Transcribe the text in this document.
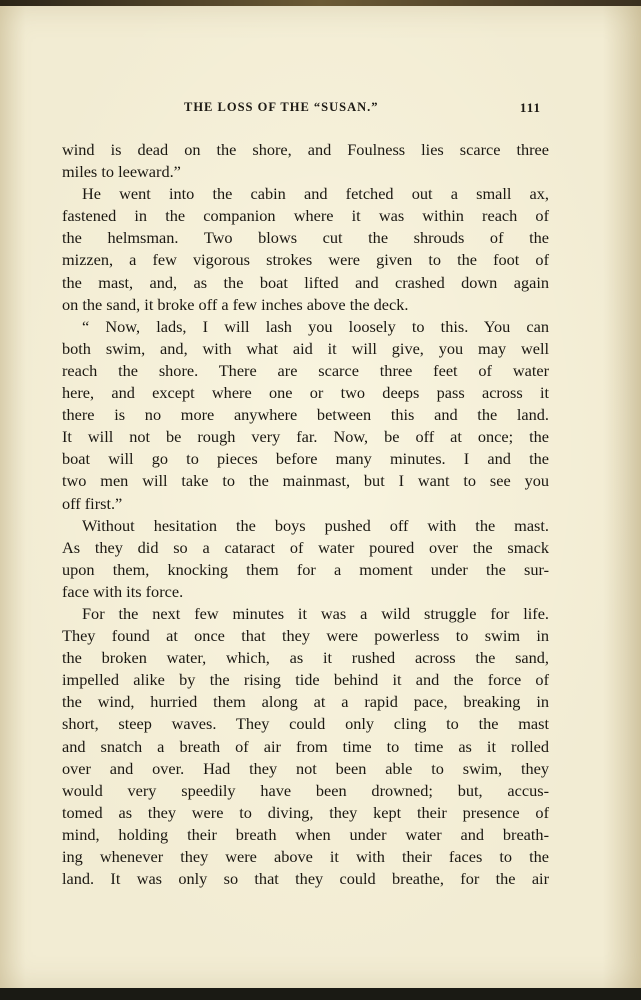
THE LOSS OF THE “SUSAN.”	111
wind is dead on the shore, and Foulness lies scarce three
miles to leeward.”
He went into the cabin and fetched out a small ax,
fastened in the companion where it was within reach of
the helmsman. Two blows cut the shrouds of the
mizzen, a few vigorous strokes were given to the foot of
the mast, and, as the boat lifted and crashed down again
on the sand, it broke off a few inches above the deck.
“ Now, lads, I will lash you loosely to this. You can
both swim, and, with what aid it will give, you may well
reach the shore. There are scarce three feet of water
here, and except where one or two deeps pass across it
there is no more anywhere between this and the land.
It will not be rough very far. Now, be off at once; the
boat will go to pieces before many minutes. I and the
two men will take to the mainmast, but I want to see you
off first.”
Without hesitation the boys pushed off with the mast.
As they did so a cataract of water poured over the smack
upon them, knocking them for a moment under the sur-
face with its force.
For the next few minutes it was a wild struggle for life.
They found at once that they were powerless to swim in
the broken water, which, as it rushed across the sand,
impelled alike by the rising tide behind it and the force of
the wind, hurried them along at a rapid pace, breaking in
short, steep waves. They could only cling to the mast
and snatch a breath of air from time to time as it rolled
over and over. Had they not been able to swim, they
would very speedily have been drowned; but, accus-
tomed as they were to diving, they kept their presence of
mind, holding their breath when under water and breath-
ing whenever they were above it with their faces to the
land. It was only so that they could breathe, for the air
